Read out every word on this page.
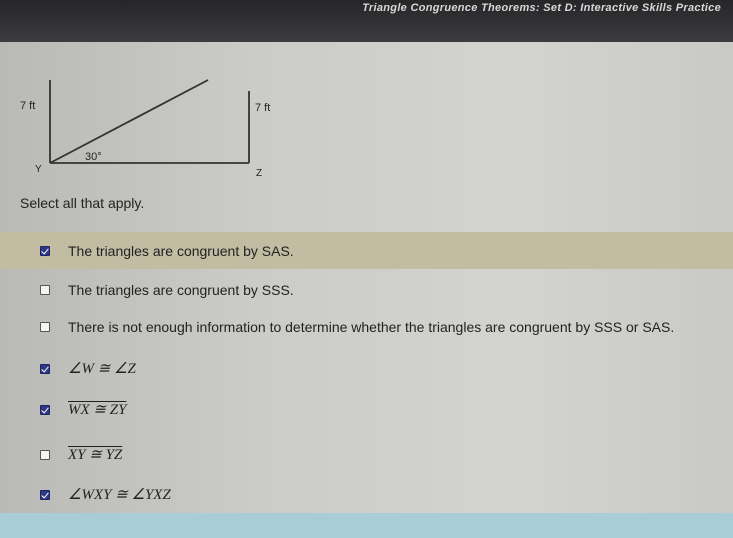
Triangle Congruence Theorems: Set D: Interactive Skills Practice
7 ft	7 ft
Y	Z
30°
Select all that apply.
The triangles are congruent by SAS.
The triangles are congruent by SSS.
There is not enough information to determine whether the triangles are congruent by SSS or SAS.
∠W ≅ ∠Z
WX ≅ ZY
XY ≅ YZ
∠WXY ≅ ∠YXZ
